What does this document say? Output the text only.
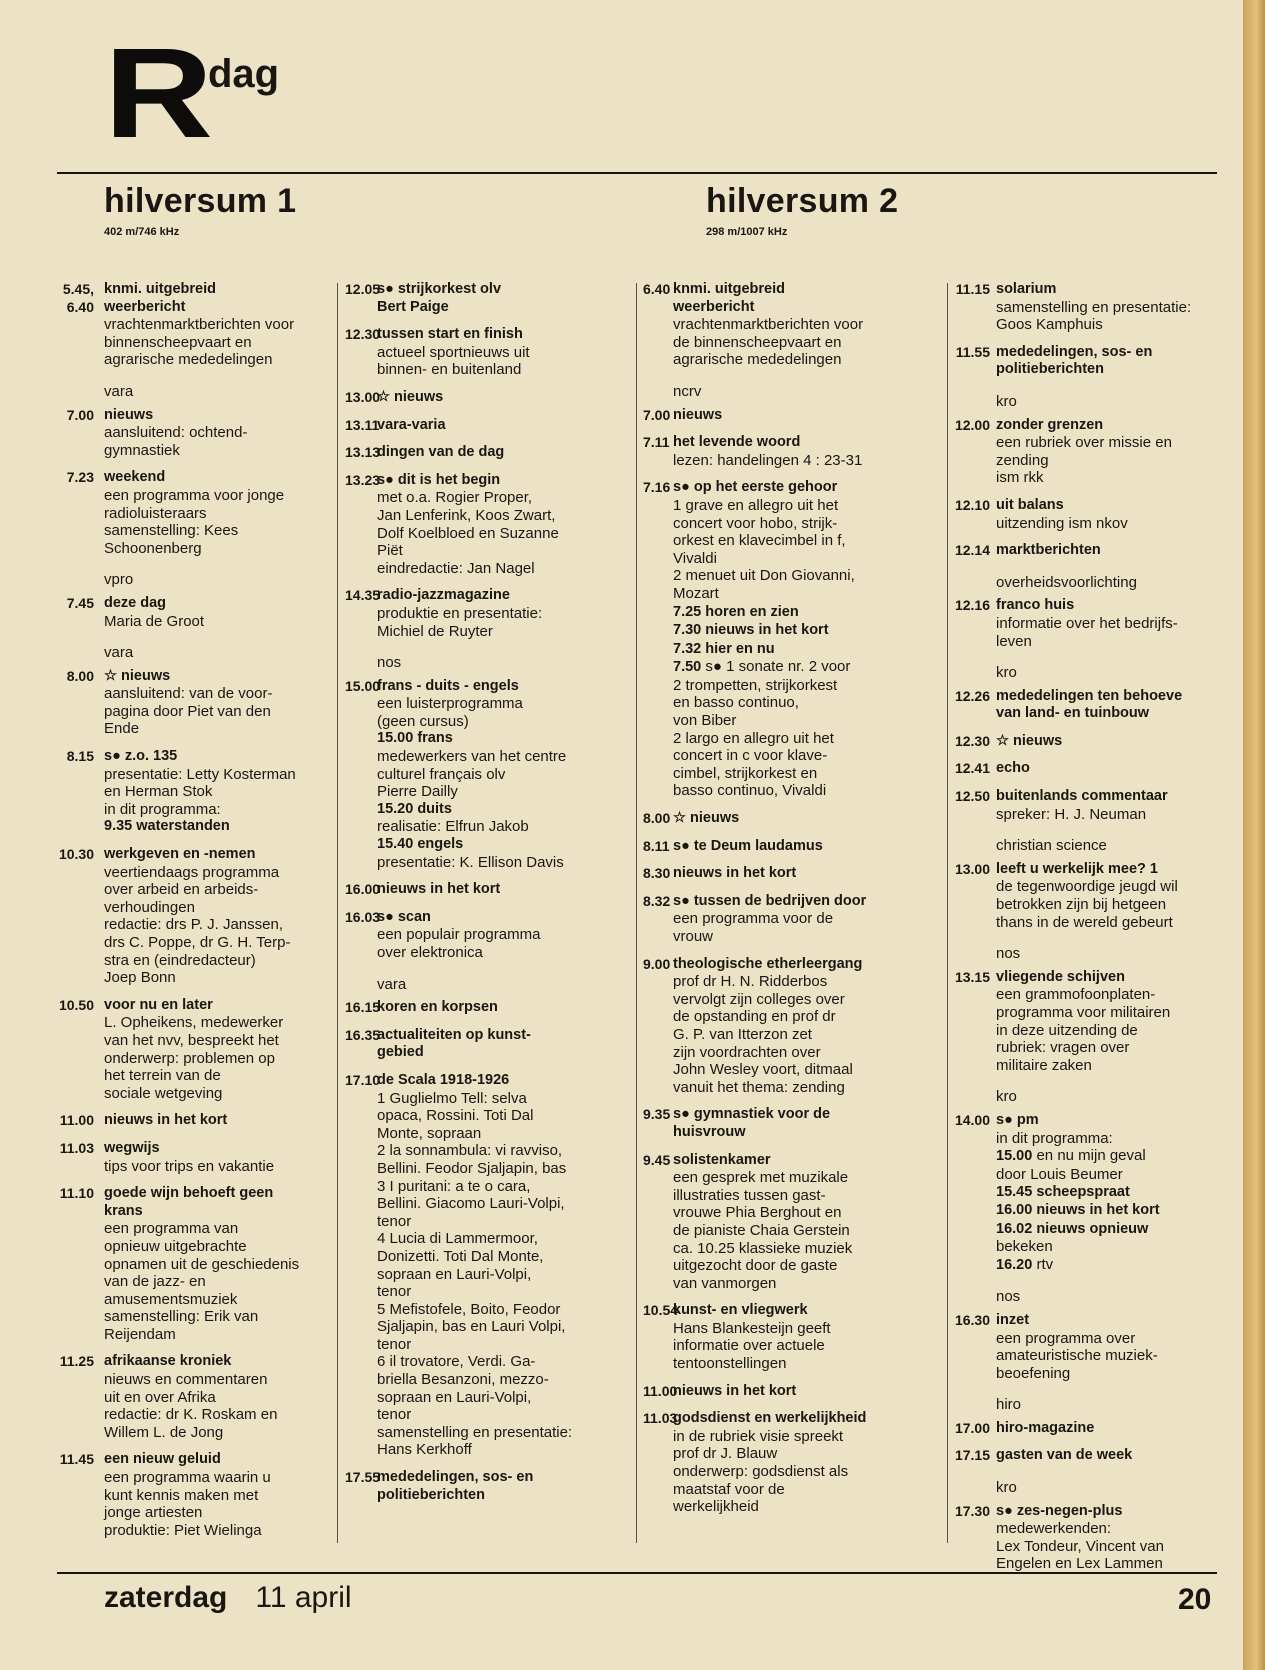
R dag
hilversum 1
402 m/746 kHz
hilversum 2
298 m/1007 kHz
5.45, 6.40
knmi. uitgebreid
weerbericht
vrachtenmarktberichten voor
binnenscheepvaart en
agrarische mededelingen
vara
7.00 nieuws
aansluitend: ochtend-
gymnastiek
7.23 weekend
een programma voor jonge
radioluisteraars
samenstelling: Kees
Schoonenberg
vpro
7.45 deze dag
Maria de Groot
vara
8.00 ☆ nieuws
aansluitend: van de voor-
pagina door Piet van den
Ende
8.15 s● z.o. 135
presentatie: Letty Kosterman
en Herman Stok
in dit programma:
9.35 waterstanden
10.30 werkgeven en -nemen
veertiendaags programma
over arbeid en arbeids-
verhoudingen
redactie: drs P. J. Janssen,
drs C. Poppe, dr G. H. Terp-
stra en (eindredacteur)
Joep Bonn
10.50 voor nu en later
L. Opheikens, medewerker
van het nvv, bespreekt het
onderwerp: problemen op
het terrein van de
sociale wetgeving
11.00 nieuws in het kort
11.03 wegwijs
tips voor trips en vakantie
11.10 goede wijn behoeft geen
krans
een programma van
opnieuw uitgebrachte
opnamen uit de geschiedenis
van de jazz- en
amusementsmuziek
samenstelling: Erik van
Reijendam
11.25 afrikaanse kroniek
nieuws en commentaren
uit en over Afrika
redactie: dr K. Roskam en
Willem L. de Jong
11.45 een nieuw geluid
een programma waarin u
kunt kennis maken met
jonge artiesten
produktie: Piet Wielinga
12.05
s● strijkorkest olv
Bert Paige
12.30
tussen start en finish
actueel sportnieuws uit
binnen- en buitenland
13.00
☆ nieuws
13.11
vara-varia
13.13
dingen van de dag
13.23
s● dit is het begin
met o.a. Rogier Proper,
Jan Lenferink, Koos Zwart,
Dolf Koelbloed en Suzanne
Piët
eindredactie: Jan Nagel
14.35
radio-jazzmagazine
produktie en presentatie:
Michiel de Ruyter
nos
15.00
frans - duits - engels
een luisterprogramma
(geen cursus)
15.00 frans
medewerkers van het centre
culturel français olv
Pierre Dailly
15.20 duits
realisatie: Elfrun Jakob
15.40 engels
presentatie: K. Ellison Davis
16.00
nieuws in het kort
16.03
s● scan
een populair programma
over elektronica
vara
16.15
koren en korpsen
16.35
actualiteiten op kunst-
gebied
17.10
de Scala 1918-1926
1 Guglielmo Tell: selva
opaca, Rossini. Toti Dal
Monte, sopraan
2 la sonnambula: vi ravviso,
Bellini. Feodor Sjaljapin, bas
3 I puritani: a te o cara,
Bellini. Giacomo Lauri-Volpi,
tenor
4 Lucia di Lammermoor,
Donizetti. Toti Dal Monte,
sopraan en Lauri-Volpi,
tenor
5 Mefistofele, Boito, Feodor
Sjaljapin, bas en Lauri Volpi,
tenor
6 il trovatore, Verdi. Ga-
briella Besanzoni, mezzo-
sopraan en Lauri-Volpi,
tenor
samenstelling en presentatie:
Hans Kerkhoff
17.55
mededelingen, sos- en
politieberichten
6.40 knmi. uitgebreid
weerbericht
vrachtenmarktberichten voor
de binnenscheepvaart en
agrarische mededelingen
ncrv
7.00 nieuws
7.11 het levende woord
lezen: handelingen 4 : 23-31
7.16 s● op het eerste gehoor
1 grave en allegro uit het
concert voor hobo, strijk-
orkest en klavecimbel in f,
Vivaldi
2 menuet uit Don Giovanni,
Mozart
7.25 horen en zien
7.30 nieuws in het kort
7.32 hier en nu
7.50 s● 1 sonate nr. 2 voor
2 trompetten, strijkorkest
en basso continuo,
von Biber
2 largo en allegro uit het
concert in c voor klave-
cimbel, strijkorkest en
basso continuo, Vivaldi
8.00 ☆ nieuws
8.11 s● te Deum laudamus
8.30 nieuws in het kort
8.32 s● tussen de bedrijven door
een programma voor de
vrouw
9.00 theologische etherleergang
prof dr H. N. Ridderbos
vervolgt zijn colleges over
de opstanding en prof dr
G. P. van Itterzon zet
zijn voordrachten over
John Wesley voort, ditmaal
vanuit het thema: zending
9.35 s● gymnastiek voor de
huisvrouw
9.45 solistenkamer
een gesprek met muzikale
illustraties tussen gast-
vrouwe Phia Berghout en
de pianiste Chaia Gerstein
ca. 10.25 klassieke muziek
uitgezocht door de gaste
van vanmorgen
10.54
kunst- en vliegwerk
Hans Blankesteijn geeft
informatie over actuele
tentoonstellingen
11.00
nieuws in het kort
11.03
godsdienst en werkelijkheid
in de rubriek visie spreekt
prof dr J. Blauw
onderwerp: godsdienst als
maatstaf voor de
werkelijkheid
11.15 solarium
samenstelling en presentatie:
Goos Kamphuis
11.55 mededelingen, sos- en
politieberichten
kro
12.00 zonder grenzen
een rubriek over missie en
zending
ism rkk
12.10 uit balans
uitzending ism nkov
12.14 marktberichten
overheidsvoorlichting
12.16 franco huis
informatie over het bedrijfs-
leven
kro
12.26 mededelingen ten behoeve
van land- en tuinbouw
12.30 ☆ nieuws
12.41 echo
12.50 buitenlands commentaar
spreker: H. J. Neuman
christian science
13.00 leeft u werkelijk mee? 1
de tegenwoordige jeugd wil
betrokken zijn bij hetgeen
thans in de wereld gebeurt
nos
13.15 vliegende schijven
een grammofoonplaten-
programma voor militairen
in deze uitzending de
rubriek: vragen over
militaire zaken
kro
14.00 s● pm
in dit programma:
15.00 en nu mijn geval
door Louis Beumer
15.45 scheepspraat
16.00 nieuws in het kort
16.02 nieuws opnieuw
bekeken
16.20 rtv
nos
16.30 inzet
een programma over
amateuristische muziek-
beoefening
hiro
17.00 hiro-magazine
17.15 gasten van de week
kro
17.30 s● zes-negen-plus
medewerkenden:
Lex Tondeur, Vincent van
Engelen en Lex Lammen
zaterdag 11 april	20
